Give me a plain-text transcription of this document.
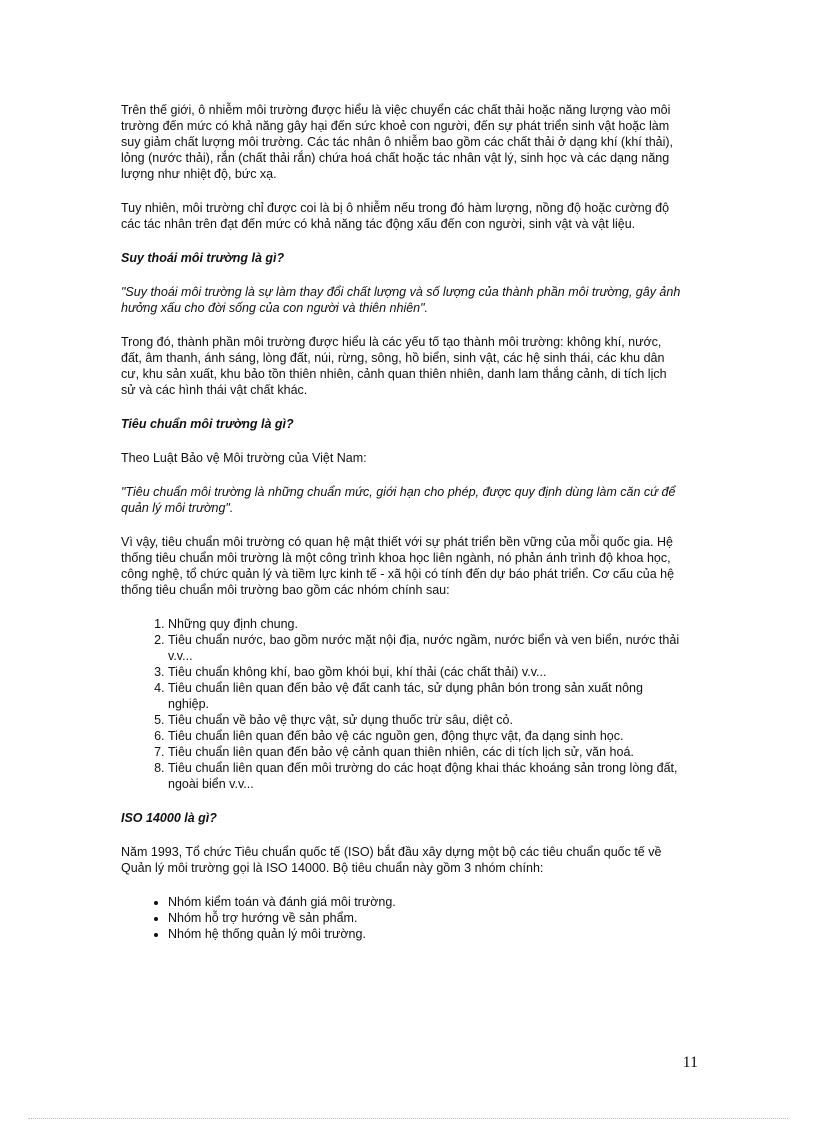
Trên thế giới, ô nhiễm môi trường được hiểu là việc chuyển các chất thải hoặc năng lượng vào môi trường đến mức có khả năng gây hại đến sức khoẻ con người, đến sự phát triển sinh vật hoặc làm suy giảm chất lượng môi trường. Các tác nhân ô nhiễm bao gồm các chất thải ở dạng khí (khí thải), lỏng (nước thải), rắn (chất thải rắn) chứa hoá chất hoặc tác nhân vật lý, sinh học và các dạng năng lượng như nhiệt độ, bức xạ.

Tuy nhiên, môi trường chỉ được coi là bị ô nhiễm nếu trong đó hàm lượng, nồng độ hoặc cường độ các tác nhân trên đạt đến mức có khả năng tác động xấu đến con người, sinh vật và vật liệu.

Suy thoái môi trường là gì?

"Suy thoái môi trường là sự làm thay đổi chất lượng và số lượng của thành phần môi trường, gây ảnh hưởng xấu cho đời sống của con người và thiên nhiên".

Trong đó, thành phần môi trường được hiểu là các yếu tố tạo thành môi trường: không khí, nước, đất, âm thanh, ánh sáng, lòng đất, núi, rừng, sông, hồ biển, sinh vật, các hệ sinh thái, các khu dân cư, khu sản xuất, khu bảo tồn thiên nhiên, cảnh quan thiên nhiên, danh lam thắng cảnh, di tích lịch sử và các hình thái vật chất khác.

Tiêu chuẩn môi trường là gì?

Theo Luật Bảo vệ Môi trường của Việt Nam:

"Tiêu chuẩn môi trường là những chuẩn mức, giới hạn cho phép, được quy định dùng làm căn cứ để quản lý môi trường".

Vì vậy, tiêu chuẩn môi trường có quan hệ mật thiết với sự phát triển bền vững của mỗi quốc gia. Hệ thống tiêu chuẩn môi trường là một công trình khoa học liên ngành, nó phản ánh trình độ khoa học, công nghệ, tổ chức quản lý và tiềm lực kinh tế - xã hội có tính đến dự báo phát triển. Cơ cấu của hệ thống tiêu chuẩn môi trường bao gồm các nhóm chính sau:

1. Những quy định chung.
2. Tiêu chuẩn nước, bao gồm nước mặt nội địa, nước ngầm, nước biển và ven biển, nước thải v.v...
3. Tiêu chuẩn không khí, bao gồm khói bụi, khí thải (các chất thải) v.v...
4. Tiêu chuẩn liên quan đến bảo vệ đất canh tác, sử dụng phân bón trong sản xuất nông nghiệp.
5. Tiêu chuẩn về bảo vệ thực vật, sử dụng thuốc trừ sâu, diệt cỏ.
6. Tiêu chuẩn liên quan đến bảo vệ các nguồn gen, động thực vật, đa dạng sinh học.
7. Tiêu chuẩn liên quan đến bảo vệ cảnh quan thiên nhiên, các di tích lịch sử, văn hoá.
8. Tiêu chuẩn liên quan đến môi trường do các hoạt động khai thác khoáng sản trong lòng đất, ngoài biển v.v...
ISO 14000 là gì?

Năm 1993, Tổ chức Tiêu chuẩn quốc tế (ISO) bắt đầu xây dựng một bộ các tiêu chuẩn quốc tế về Quản lý môi trường gọi là ISO 14000. Bộ tiêu chuẩn này gồm 3 nhóm chính:

• Nhóm kiểm toán và đánh giá môi trường.
• Nhóm hỗ trợ hướng về sản phẩm.
• Nhóm hệ thống quản lý môi trường.
11
